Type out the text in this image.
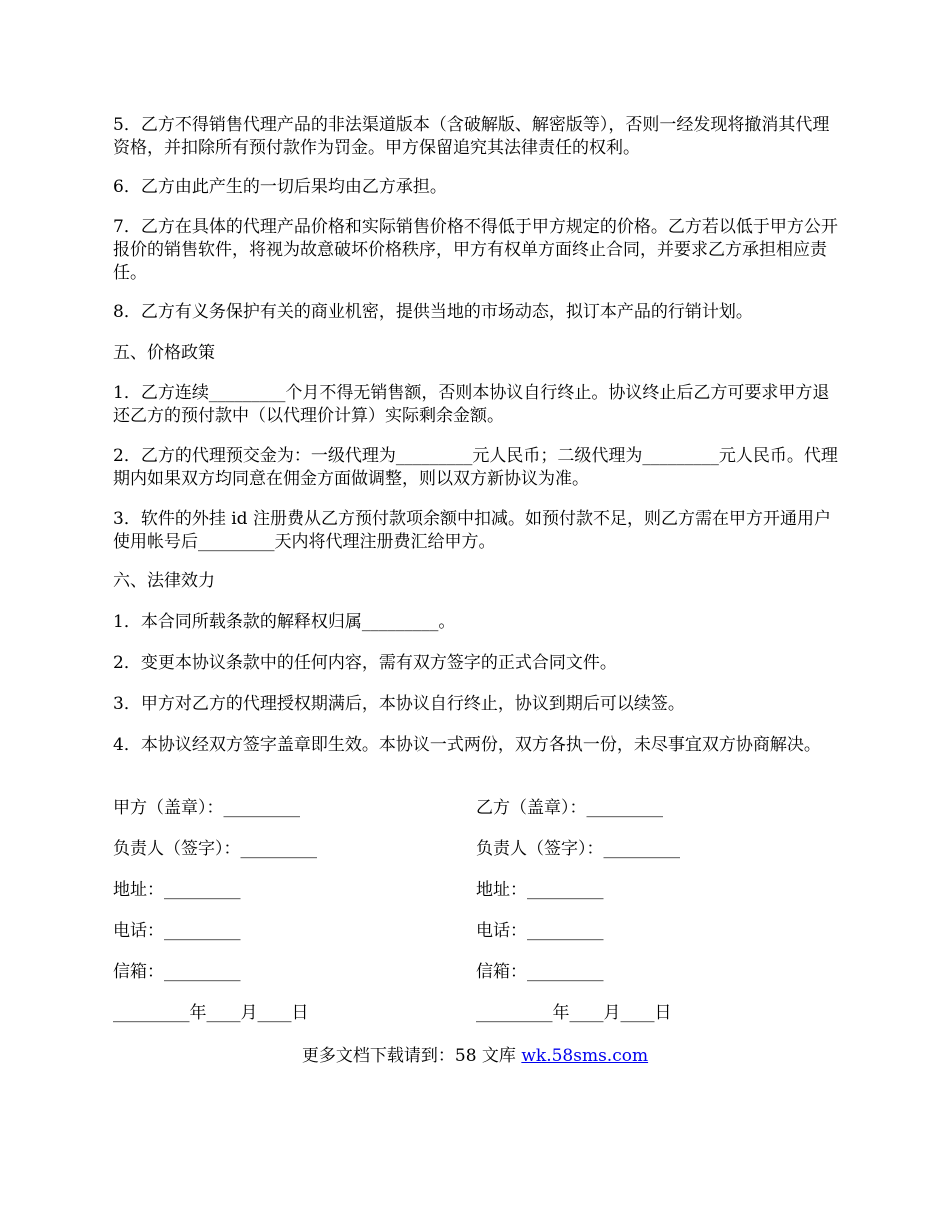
5．乙方不得销售代理产品的非法渠道版本（含破解版、解密版等），否则一经发现将撤消其代理资格，并扣除所有预付款作为罚金。甲方保留追究其法律责任的权利。
6．乙方由此产生的一切后果均由乙方承担。
7．乙方在具体的代理产品价格和实际销售价格不得低于甲方规定的价格。乙方若以低于甲方公开报价的销售软件，将视为故意破坏价格秩序，甲方有权单方面终止合同，并要求乙方承担相应责任。
8．乙方有义务保护有关的商业机密，提供当地的市场动态，拟订本产品的行销计划。
五、价格政策
1．乙方连续_________个月不得无销售额，否则本协议自行终止。协议终止后乙方可要求甲方退还乙方的预付款中（以代理价计算）实际剩余金额。
2．乙方的代理预交金为：一级代理为_________元人民币；二级代理为_________元人民币。代理期内如果双方均同意在佣金方面做调整，则以双方新协议为准。
3．软件的外挂 id 注册费从乙方预付款项余额中扣减。如预付款不足，则乙方需在甲方开通用户使用帐号后_________天内将代理注册费汇给甲方。
六、法律效力
1．本合同所载条款的解释权归属_________。
2．变更本协议条款中的任何内容，需有双方签字的正式合同文件。
3．甲方对乙方的代理授权期满后，本协议自行终止，协议到期后可以续签。
4．本协议经双方签字盖章即生效。本协议一式两份，双方各执一份，未尽事宜双方协商解决。
甲方（盖章）：_________	乙方（盖章）：_________
负责人（签字）：_________	负责人（签字）：_________
地址：_________	地址：_________
电话：_________	电话：_________
信箱：_________	信箱：_________
_________年____月____日	_________年____月____日
更多文档下载请到：58 文库 wk.58sms.com
